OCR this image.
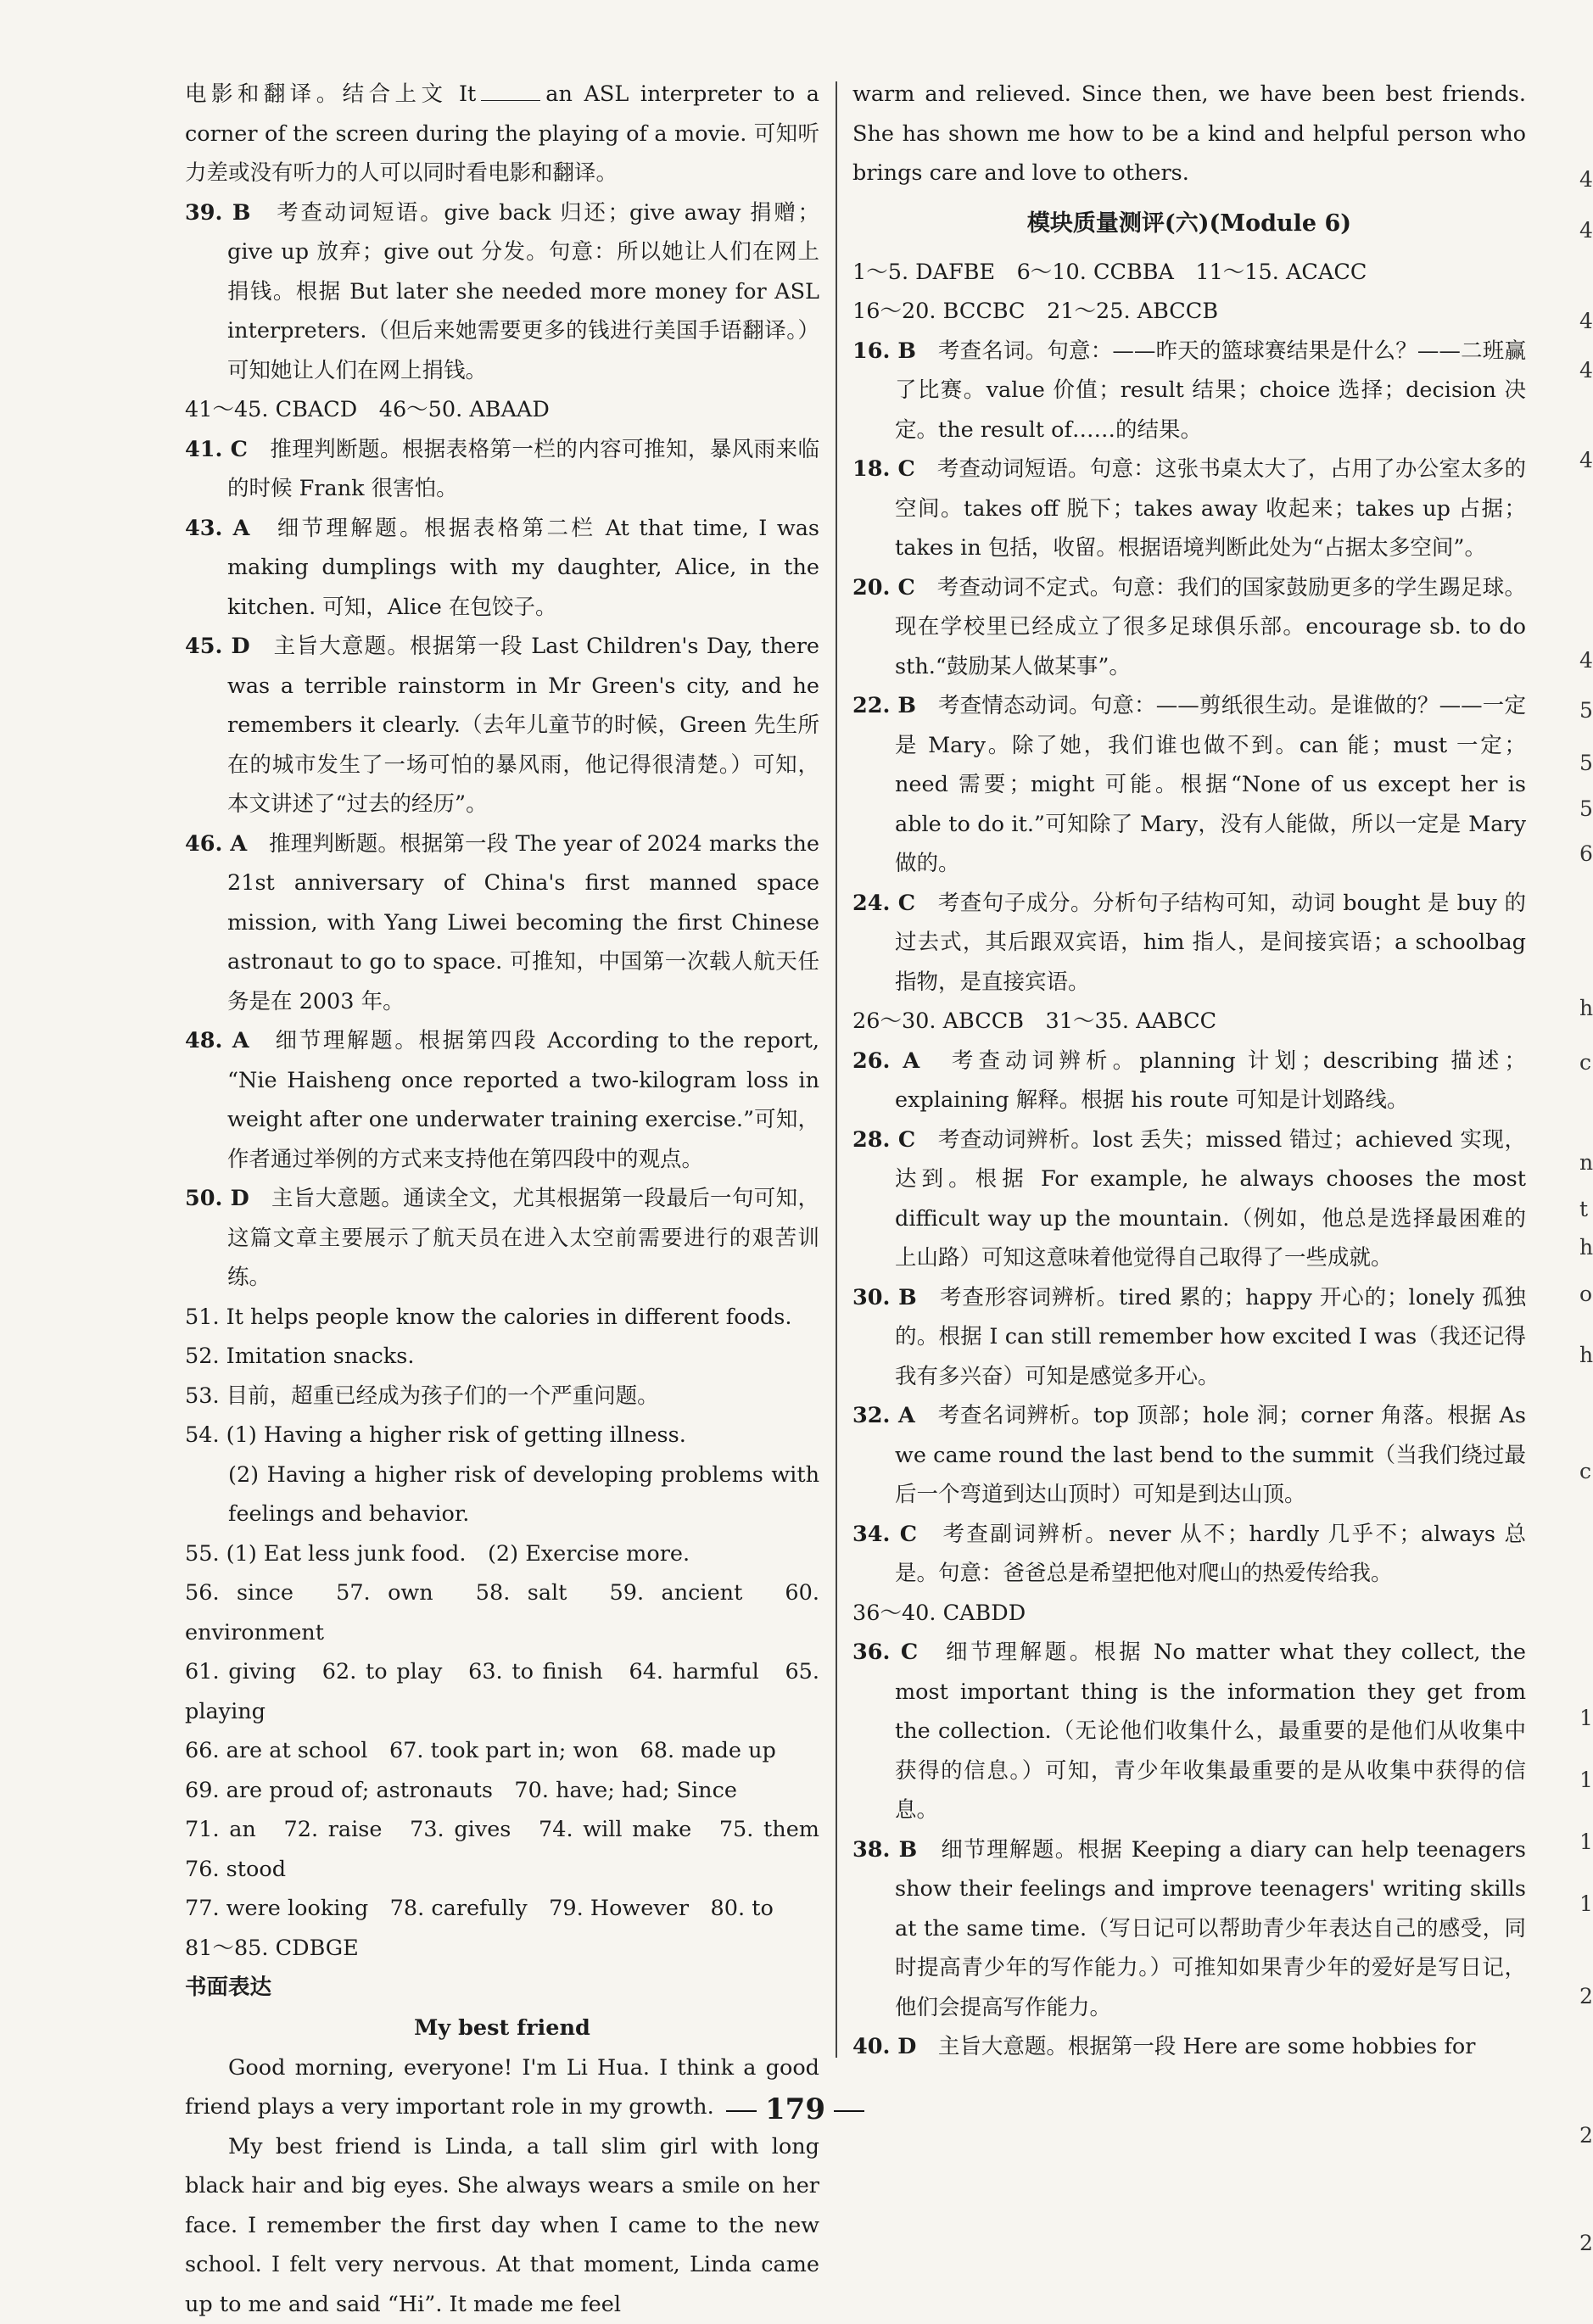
电影和翻译。结合上文 It	an ASL interpreter to a corner of the screen during the playing of a movie. 可知听力差或没有听力的人可以同时看电影和翻译。

39. B　 考查动词短语。give back 归还；give away 捐赠；give up 放弃；give out 分发。句意：所以她让人们在网上捐钱。根据 But later she needed more money for ASL interpreters.（但后来她需要更多的钱进行美国手语翻译。）可知她让人们在网上捐钱。

41～45. CBACD　46～50. ABAAD

41. C　 推理判断题。根据表格第一栏的内容可推知，暴风雨来临的时候 Frank 很害怕。

43. A　 细节理解题。根据表格第二栏 At that time, I was making dumplings with my daughter, Alice, in the kitchen. 可知，Alice 在包饺子。

45. D　 主旨大意题。根据第一段 Last Children's Day, there was a terrible rainstorm in Mr Green's city, and he remembers it clearly.（去年儿童节的时候，Green 先生所在的城市发生了一场可怕的暴风雨，他记得很清楚。）可知，本文讲述了“过去的经历”。

46. A　 推理判断题。根据第一段 The year of 2024 marks the 21st anniversary of China's first manned space mission, with Yang Liwei becoming the first Chinese astronaut to go to space. 可推知，中国第一次载人航天任务是在 2003 年。

48. A　 细节理解题。根据第四段 According to the report, “Nie Haisheng once reported a two-kilogram loss in weight after one underwater training exercise.”可知，作者通过举例的方式来支持他在第四段中的观点。

50. D　 主旨大意题。通读全文，尤其根据第一段最后一句可知，这篇文章主要展示了航天员在进入太空前需要进行的艰苦训练。

51. It helps people know the calories in different foods.

52. Imitation snacks.

53. 目前，超重已经成为孩子们的一个严重问题。

54. (1) Having a higher risk of getting illness.

(2) Having a higher risk of developing problems with feelings and behavior.

55. (1) Eat less junk food.　(2) Exercise more.

56. since　57. own　58. salt　59. ancient　60. environment

61. giving　62. to play　63. to finish　64. harmful　65. playing

66. are at school　67. took part in; won　68. made up

69. are proud of; astronauts　70. have; had; Since

71. an　72. raise　73. gives　74. will make　75. them　76. stood

77. were looking　78. carefully　79. However　80. to

81～85. CDBGE

书面表达

My best friend

Good morning, everyone! I'm Li Hua. I think a good friend plays a very important role in my growth.

My best friend is Linda, a tall slim girl with long black hair and big eyes. She always wears a smile on her face. I remember the first day when I came to the new school. I felt very nervous. At that moment, Linda came up to me and said “Hi”. It made me feel

warm and relieved. Since then, we have been best friends. She has shown me how to be a kind and helpful person who brings care and love to others.

模块质量测评(六)(Module 6)

1～5. DAFBE　6～10. CCBBA　11～15. ACACC

16～20. BCCBC　21～25. ABCCB

16. B　 考查名词。句意：——昨天的篮球赛结果是什么？——二班赢了比赛。value 价值；result 结果；choice 选择；decision 决定。the result of……的结果。

18. C　 考查动词短语。句意：这张书桌太大了，占用了办公室太多的空间。takes off 脱下；takes away 收起来；takes up 占据；takes in 包括，收留。根据语境判断此处为“占据太多空间”。

20. C　 考查动词不定式。句意：我们的国家鼓励更多的学生踢足球。现在学校里已经成立了很多足球俱乐部。encourage sb. to do sth.“鼓励某人做某事”。

22. B　 考查情态动词。句意：——剪纸很生动。是谁做的？——一定是 Mary。除了她，我们谁也做不到。can 能；must 一定；need 需要；might 可能。根据“None of us except her is able to do it.”可知除了 Mary，没有人能做，所以一定是 Mary 做的。

24. C　 考查句子成分。分析句子结构可知，动词 bought 是 buy 的过去式，其后跟双宾语，him 指人，是间接宾语；a schoolbag 指物，是直接宾语。

26～30. ABCCB　31～35. AABCC

26. A　 考查动词辨析。planning 计划；describing 描述；explaining 解释。根据 his route 可知是计划路线。

28. C　 考查动词辨析。lost 丢失；missed 错过；achieved 实现，达到。根据 For example, he always chooses the most difficult way up the mountain.（例如，他总是选择最困难的上山路）可知这意味着他觉得自己取得了一些成就。

30. B　 考查形容词辨析。tired 累的；happy 开心的；lonely 孤独的。根据 I can still remember how excited I was（我还记得我有多兴奋）可知是感觉多开心。

32. A　 考查名词辨析。top 顶部；hole 洞；corner 角落。根据 As we came round the last bend to the summit（当我们绕过最后一个弯道到达山顶时）可知是到达山顶。

34. C　 考查副词辨析。never 从不；hardly 几乎不；always 总是。句意：爸爸总是希望把他对爬山的热爱传给我。

36～40. CABDD

36. C　 细节理解题。根据 No matter what they collect, the most important thing is the information they get from the collection.（无论他们收集什么，最重要的是他们从收集中获得的信息。）可知，青少年收集最重要的是从收集中获得的信息。

38. B　 细节理解题。根据 Keeping a diary can help teenagers show their feelings and improve teenagers' writing skills at the same time.（写日记可以帮助青少年表达自己的感受，同时提高青少年的写作能力。）可推知如果青少年的爱好是写日记，他们会提高写作能力。

40. D　 主旨大意题。根据第一段 Here are some hobbies for

179
4
4
4
4
4
4
5
5
5
6
h
c
n
t
h
o
h
c
1
1
1
1
2
2
2
